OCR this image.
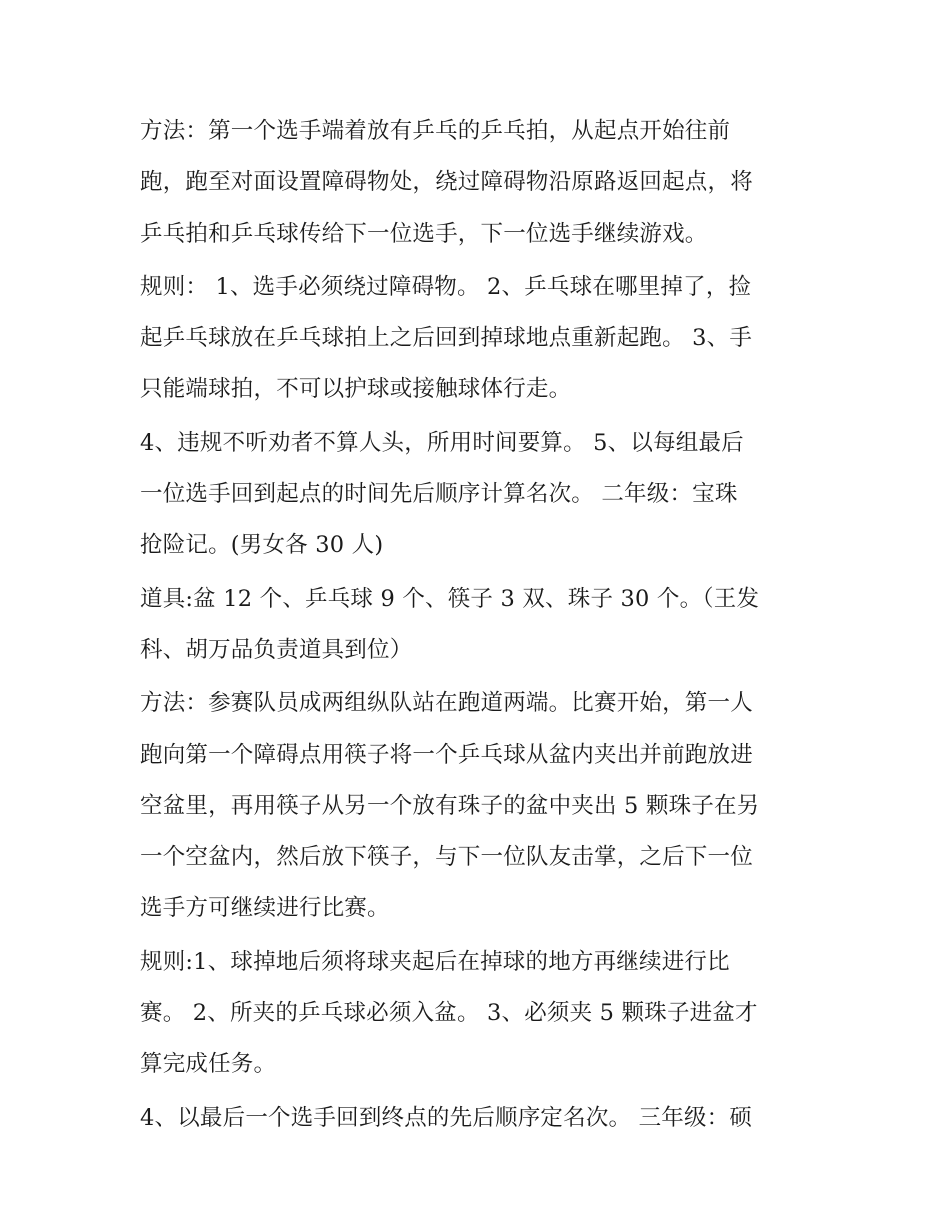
方法：第一个选手端着放有乒乓的乒乓拍，从起点开始往前
跑，跑至对面设置障碍物处，绕过障碍物沿原路返回起点，将
乒乓拍和乒乓球传给下一位选手，下一位选手继续游戏。
规则： 1、选手必须绕过障碍物。 2、乒乓球在哪里掉了，捡
起乒乓球放在乒乓球拍上之后回到掉球地点重新起跑。 3、手
只能端球拍，不可以护球或接触球体行走。
4、违规不听劝者不算人头，所用时间要算。 5、以每组最后
一位选手回到起点的时间先后顺序计算名次。 二年级：宝珠
抢险记。(男女各 30 人)
道具:盆 12 个、乒乓球 9 个、筷子 3 双、珠子 30 个。（王发
科、胡万品负责道具到位）
方法：参赛队员成两组纵队站在跑道两端。比赛开始，第一人
跑向第一个障碍点用筷子将一个乒乓球从盆内夹出并前跑放进
空盆里，再用筷子从另一个放有珠子的盆中夹出 5 颗珠子在另
一个空盆内，然后放下筷子，与下一位队友击掌，之后下一位
选手方可继续进行比赛。
规则:1、球掉地后须将球夹起后在掉球的地方再继续进行比
赛。 2、所夹的乒乓球必须入盆。 3、必须夹 5 颗珠子进盆才
算完成任务。
4、以最后一个选手回到终点的先后顺序定名次。 三年级：硕
